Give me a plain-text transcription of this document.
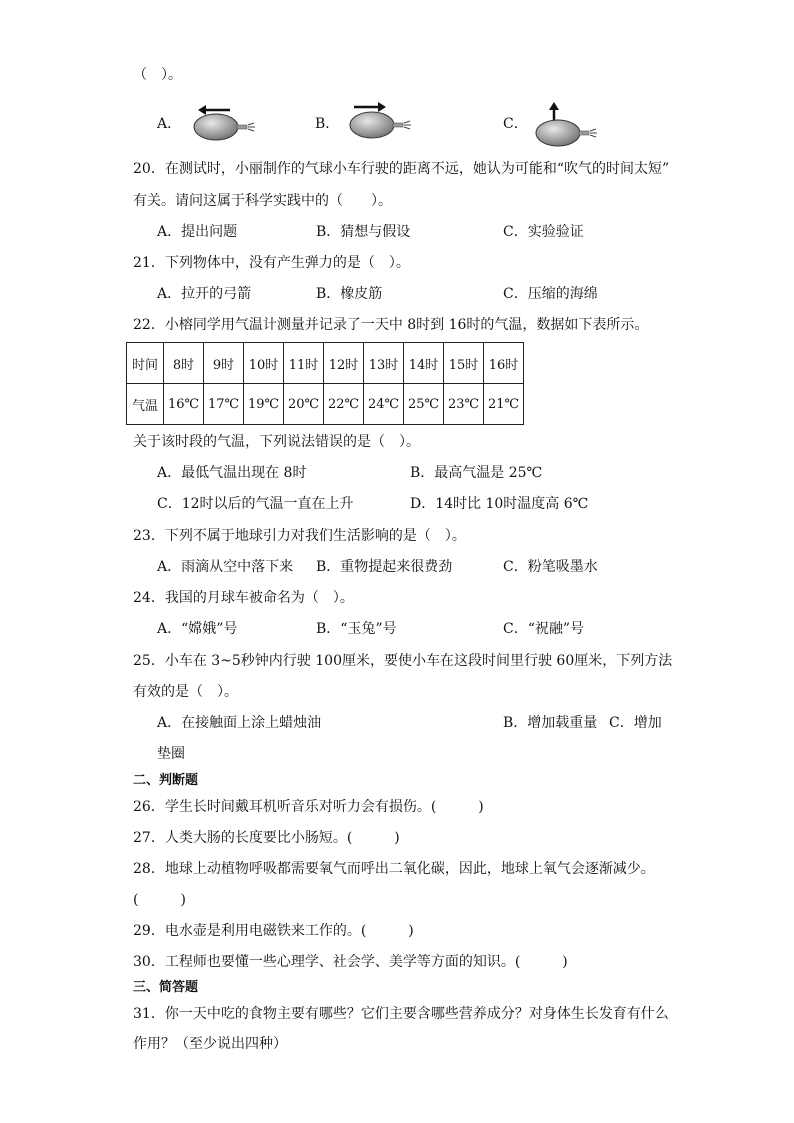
（　）。
A．	B．	C．
20．在测试时，小丽制作的气球小车行驶的距离不远，她认为可能和“吹气的时间太短”
有关。请问这属于科学实践中的（　　）。
A．提出问题	B．猜想与假设	C．实验验证
21．下列物体中，没有产生弹力的是（　）。
A．拉开的弓箭	B．橡皮筋	C．压缩的海绵
22．小榕同学用气温计测量并记录了一天中 8时到 16时的气温，数据如下表所示。
时间	8时	9时	10时	11时	12时	13时	14时	15时	16时
气温	16℃	17℃	19℃	20℃	22℃	24℃	25℃	23℃	21℃
关于该时段的气温，下列说法错误的是（　）。
A．最低气温出现在 8时	B．最高气温是 25℃
C．12时以后的气温一直在上升	D．14时比 10时温度高 6℃
23．下列不属于地球引力对我们生活影响的是（　）。
A．雨滴从空中落下来 B．重物提起来很费劲	C．粉笔吸墨水
24．我国的月球车被命名为（　）。
A．“嫦娥”号	B．“玉兔”号	C．“祝融”号
25．小车在 3~5秒钟内行驶 100厘米，要使小车在这段时间里行驶 60厘米，下列方法
有效的是（　）。
A．在接触面上涂上蜡烛油	B．增加载重量 C．增加
垫圈
二、判断题
26．学生长时间戴耳机听音乐对听力会有损伤。(　　　)
27．人类大肠的长度要比小肠短。(　　　)
28．地球上动植物呼吸都需要氧气而呼出二氧化碳，因此，地球上氧气会逐渐减少。
(　　　)
29．电水壶是利用电磁铁来工作的。(　　　)
30．工程师也要懂一些心理学、社会学、美学等方面的知识。(　　　)
三、简答题
31．你一天中吃的食物主要有哪些？它们主要含哪些营养成分？对身体生长发育有什么
作用？（至少说出四种）
